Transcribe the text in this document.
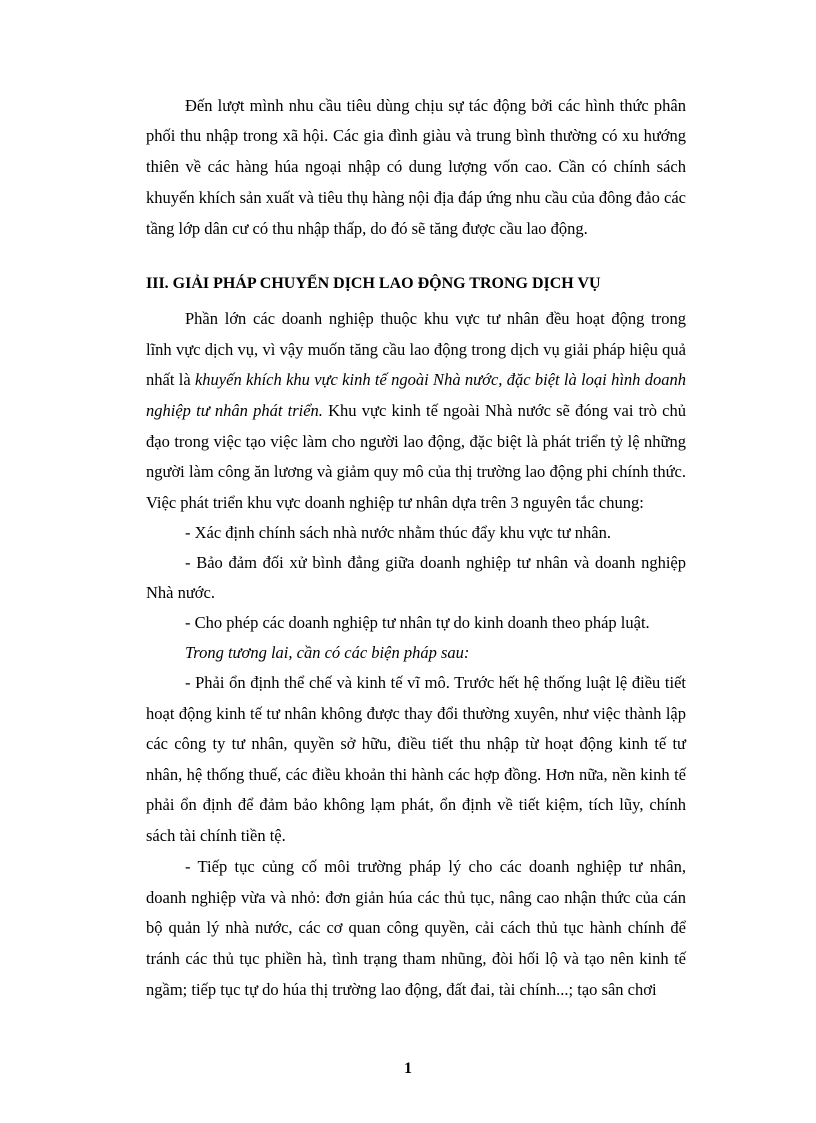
Đến lượt mình nhu cầu tiêu dùng chịu sự tác động bởi các hình thức phân
phối thu nhập trong xã hội. Các gia đình giàu và trung bình thường có xu hướng
thiên về các hàng húa ngoại nhập có dung lượng vốn cao. Cần có chính sách
khuyến khích sản xuất và tiêu thụ hàng nội địa đáp ứng nhu cầu của đông đảo các
tầng lớp dân cư có thu nhập thấp, do đó sẽ tăng được cầu lao động.
III. GIẢI PHÁP CHUYỂN DỊCH LAO ĐỘNG TRONG DỊCH VỤ
Phần lớn các doanh nghiệp thuộc khu vực tư nhân đều hoạt động trong
lĩnh vực dịch vụ, vì vậy muốn tăng cầu lao động trong dịch vụ giải pháp hiệu quả
nhất là khuyến khích khu vực kinh tế ngoài Nhà nước, đặc biệt là loại hình doanh
nghiệp tư nhân phát triển. Khu vực kinh tế ngoài Nhà nước sẽ đóng vai trò chủ
đạo trong việc tạo việc làm cho người lao động, đặc biệt là phát triển tỷ lệ những
người làm công ăn lương và giảm quy mô của thị trường lao động phi chính thức.
Việc phát triển khu vực doanh nghiệp tư nhân dựa trên 3 nguyên tắc chung:
- Xác định chính sách nhà nước nhằm thúc đẩy khu vực tư nhân.
- Bảo đảm đối xử bình đẳng giữa doanh nghiệp tư nhân và doanh nghiệp
Nhà nước.
- Cho phép các doanh nghiệp tư nhân tự do kinh doanh theo pháp luật.
Trong tương lai, cần có các biện pháp sau:
- Phải ổn định thể chế và kinh tế vĩ mô. Trước hết hệ thống luật lệ điều tiết
hoạt động kinh tế tư nhân không được thay đổi thường xuyên, như việc thành lập
các công ty tư nhân, quyền sở hữu, điều tiết thu nhập từ hoạt động kinh tế tư
nhân, hệ thống thuế, các điều khoản thi hành các hợp đồng. Hơn nữa, nền kinh tế
phải ổn định để đảm bảo không lạm phát, ổn định về tiết kiệm, tích lũy, chính
sách tài chính tiền tệ.
- Tiếp tục củng cố môi trường pháp lý cho các doanh nghiệp tư nhân,
doanh nghiệp vừa và nhỏ: đơn giản húa các thủ tục, nâng cao nhận thức của cán
bộ quản lý nhà nước, các cơ quan công quyền, cải cách thủ tục hành chính để
tránh các thủ tục phiền hà, tình trạng tham nhũng, đòi hối lộ và tạo nên kinh tế
ngầm; tiếp tục tự do húa thị trường lao động, đất đai, tài chính...; tạo sân chơi
1
